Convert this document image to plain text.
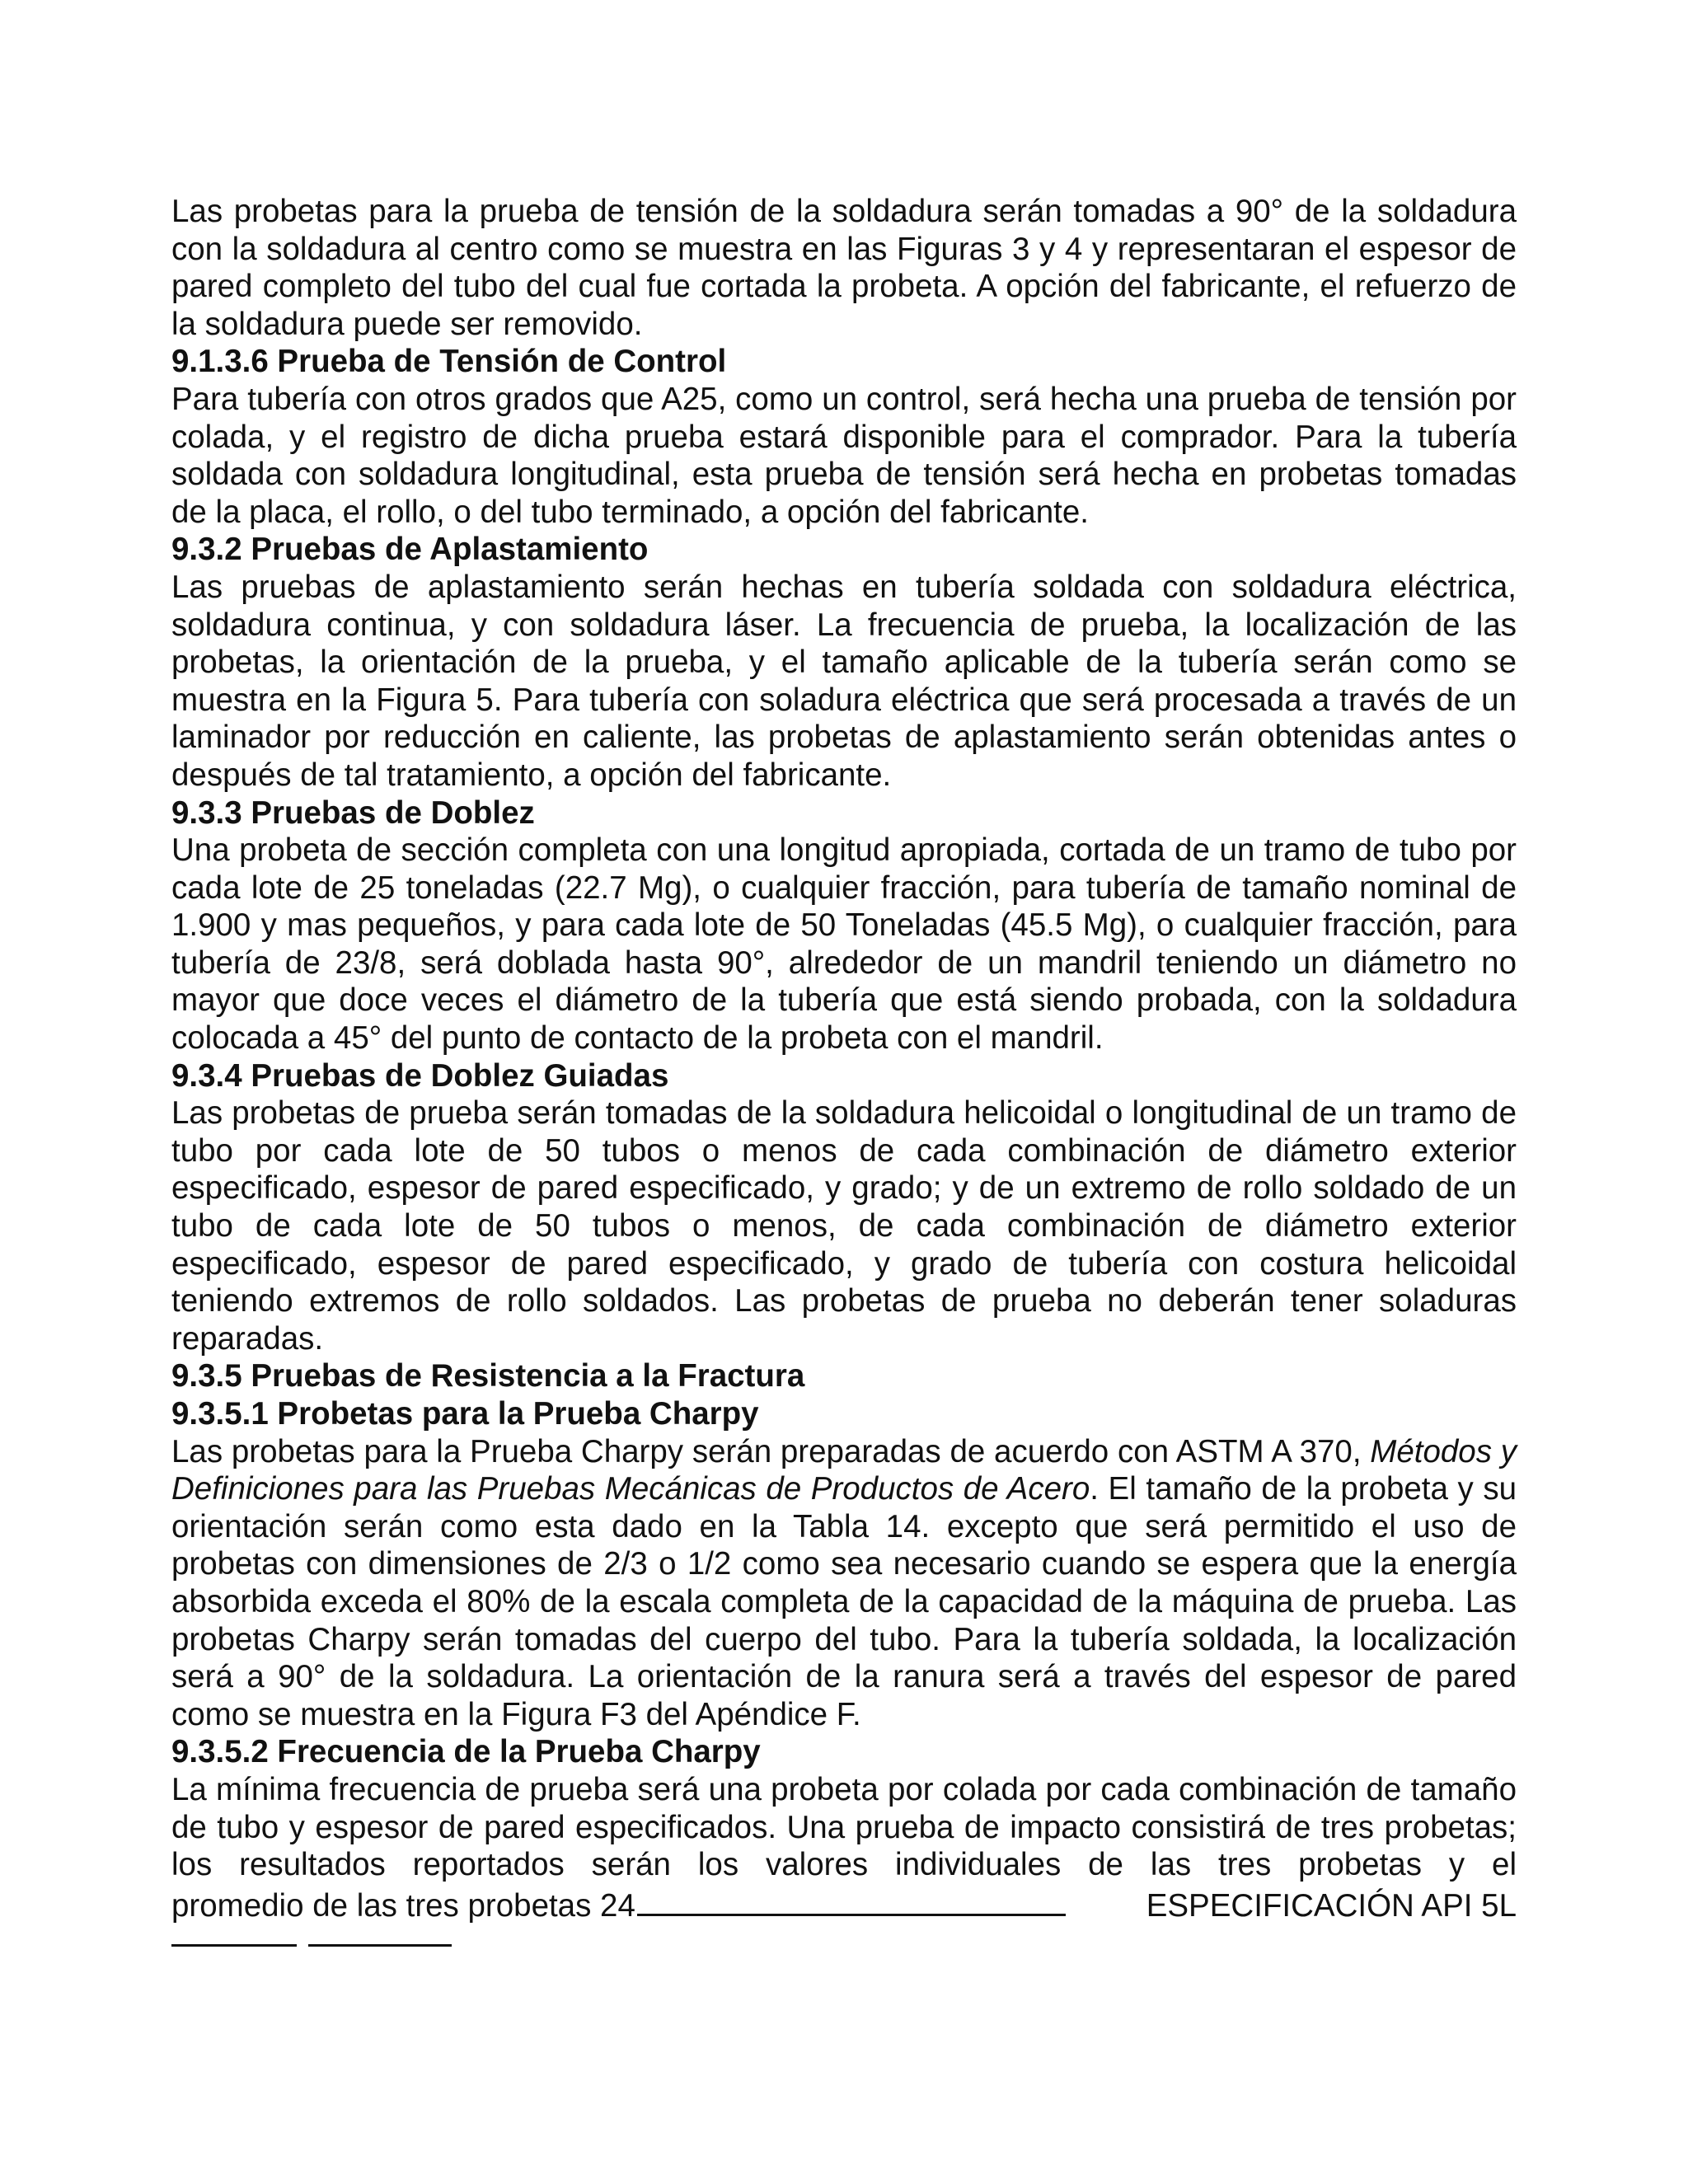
Las probetas para la prueba de tensión de la soldadura serán tomadas a 90° de la soldadura con la soldadura al centro como se muestra en las Figuras 3 y 4 y representaran el espesor de pared completo del tubo del cual fue cortada la probeta. A opción del fabricante, el refuerzo de la soldadura puede ser removido.

9.1.3.6 Prueba de Tensión de Control

Para tubería con otros grados que A25, como un control, será hecha una prueba de tensión por colada, y el registro de dicha prueba estará disponible para el comprador. Para la tubería soldada con soldadura longitudinal, esta prueba de tensión será hecha en probetas tomadas de la placa, el rollo, o del tubo terminado, a opción del fabricante.

9.3.2 Pruebas de Aplastamiento

Las pruebas de aplastamiento serán hechas en tubería soldada con soldadura eléctrica, soldadura continua, y con soldadura láser. La frecuencia de prueba, la localización de las probetas, la orientación de la prueba, y el tamaño aplicable de la tubería serán como se muestra en la Figura 5. Para tubería con soladura eléctrica que será procesada a través de un laminador por reducción en caliente, las probetas de aplastamiento serán obtenidas antes o después de tal tratamiento, a opción del fabricante.

9.3.3 Pruebas de Doblez

Una probeta de sección completa con una longitud apropiada, cortada de un tramo de tubo por cada lote de 25 toneladas (22.7 Mg), o cualquier fracción, para tubería de tamaño nominal de 1.900 y mas pequeños, y para cada lote de 50 Toneladas (45.5 Mg), o cualquier fracción, para tubería de 23/8, será doblada hasta 90°, alrededor de un mandril teniendo un diámetro no mayor que doce veces el diámetro de la tubería que está siendo probada, con la soldadura colocada a 45° del punto de contacto de la probeta con el mandril.

9.3.4 Pruebas de Doblez Guiadas

Las probetas de prueba serán tomadas de la soldadura helicoidal o longitudinal de un tramo de tubo por cada lote de 50 tubos o menos de cada combinación de diámetro exterior especificado, espesor de pared especificado, y grado; y de un extremo de rollo soldado de un tubo de cada lote de 50 tubos o menos, de cada combinación de diámetro exterior especificado, espesor de pared especificado, y grado de tubería con costura helicoidal teniendo extremos de rollo soldados. Las probetas de prueba no deberán tener soladuras reparadas.

9.3.5 Pruebas de Resistencia a la Fractura

9.3.5.1 Probetas para la Prueba Charpy

Las probetas para la Prueba Charpy serán preparadas de acuerdo con ASTM A 370, Métodos y Definiciones para las Pruebas Mecánicas de Productos de Acero. El tamaño de la probeta y su orientación serán como esta dado en la Tabla 14. excepto que será permitido el uso de probetas con dimensiones de 2/3 o 1/2 como sea necesario cuando se espera que la energía absorbida exceda el 80% de la escala completa de la capacidad de la máquina de prueba. Las probetas Charpy serán tomadas del cuerpo del tubo. Para la tubería soldada, la localización será a 90° de la soldadura. La orientación de la ranura será a través del espesor de pared como se muestra en la Figura F3 del Apéndice F.

9.3.5.2 Frecuencia de la Prueba Charpy

La mínima frecuencia de prueba será una probeta por colada por cada combinación de tamaño de tubo y espesor de pared especificados. Una prueba de impacto consistirá de tres probetas; los resultados reportados serán los valores individuales de las tres probetas y el

promedio de las tres probetas 24	ESPECIFICACIÓN API 5L
